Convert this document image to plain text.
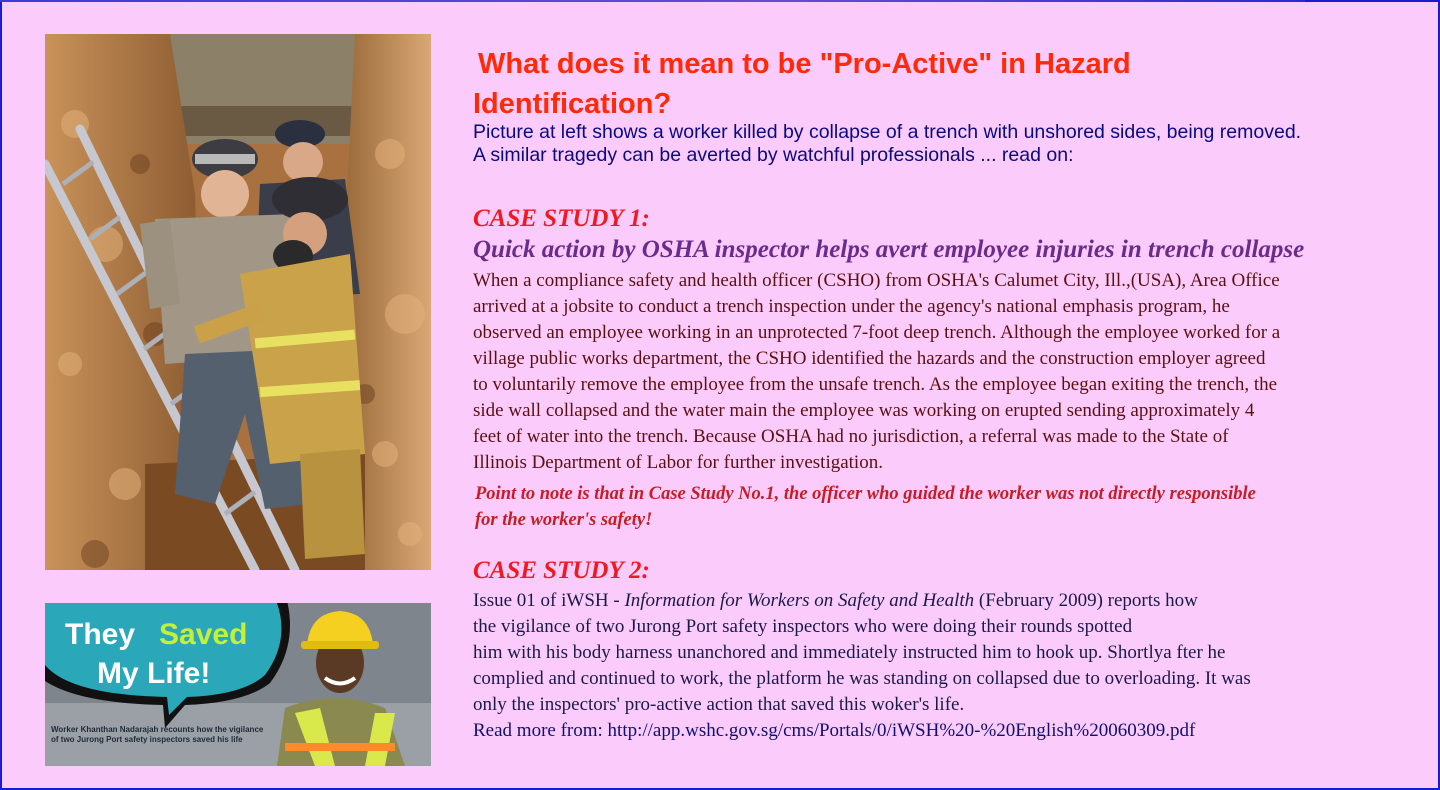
They Saved
My Life!
Worker Khanthan Nadarajah recounts how the vigilance of two Jurong Port safety inspectors saved his life
What does it mean to be "Pro-Active" in Hazard
Identification?

Picture at left shows a worker killed by collapse of a trench with unshored sides, being removed.
A similar tragedy can be averted by watchful professionals ... read on:

CASE STUDY 1:
Quick action by OSHA inspector helps avert employee injuries in trench collapse
When a compliance safety and health officer (CSHO) from OSHA's Calumet City, Ill.,(USA), Area Office
arrived at a jobsite to conduct a trench inspection under the agency's national emphasis program, he
observed an employee working in an unprotected 7-foot deep trench. Although the employee worked for a
village public works department, the CSHO identified the hazards and the construction employer agreed
to voluntarily remove the employee from the unsafe trench. As the employee began exiting the trench, the
side wall collapsed and the water main the employee was working on erupted sending approximately 4
feet of water into the trench. Because OSHA had no jurisdiction, a referral was made to the State of
Illinois Department of Labor for further investigation.
Point to note is that in Case Study No.1, the officer who guided the worker was not directly responsible
for the worker's safety!
CASE STUDY 2:
Issue 01 of iWSH - Information for Workers on Safety and Health (February 2009) reports how
the vigilance of two Jurong Port safety inspectors who were doing their rounds spotted
him with his body harness unanchored and immediately instructed him to hook up. Shortlya fter he
complied and continued to work, the platform he was standing on collapsed due to overloading. It was
only the inspectors' pro-active action that saved this woker's life.
Read more from: http://app.wshc.gov.sg/cms/Portals/0/iWSH%20-%20English%20060309.pdf
